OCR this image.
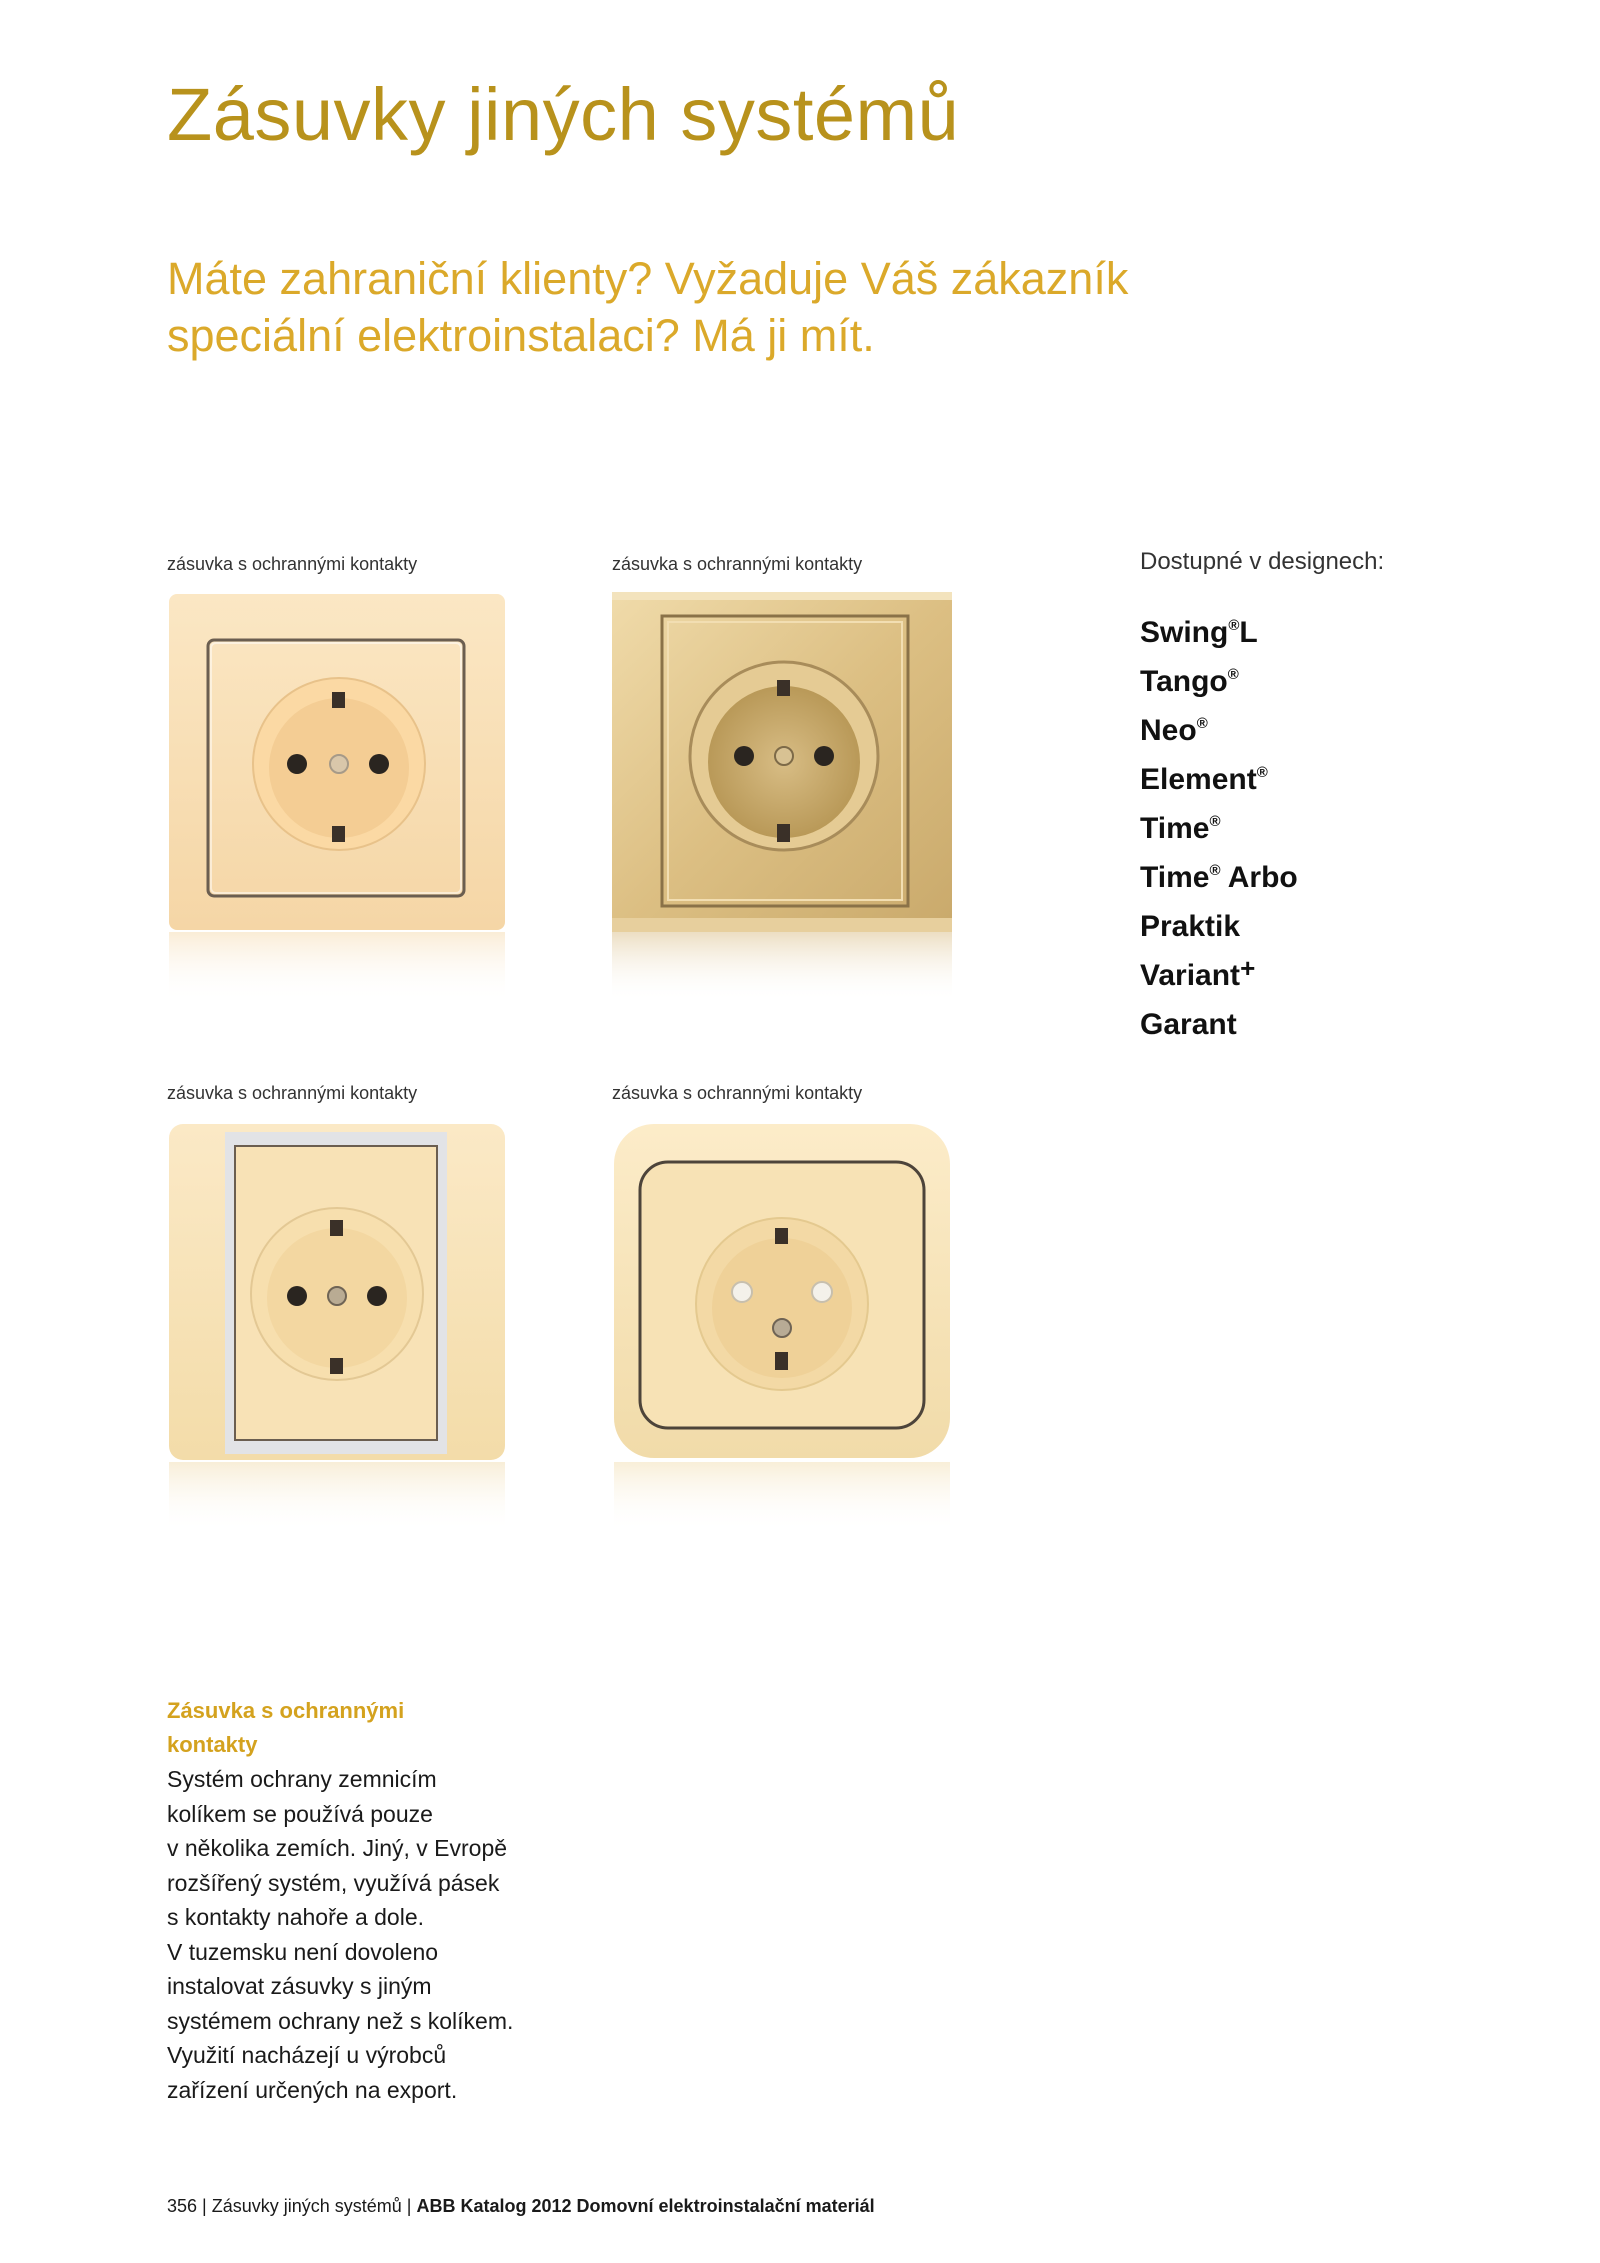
Zásuvky jiných systémů
Máte zahraniční klienty? Vyžaduje Váš zákazník
speciální elektroinstalaci? Má ji mít.
zásuvka s ochrannými kontakty	zásuvka s ochrannými kontakty
zásuvka s ochrannými kontakty	zásuvka s ochrannými kontakty
Dostupné v designech:
Swing®L
Tango®
Neo®
Element®
Time®
Time® Arbo
Praktik
Variant+
Garant
Zásuvka s ochrannými
kontakty
Systém ochrany zemnicím
kolíkem se používá pouze
v několika zemích. Jiný, v Evropě
rozšířený systém, využívá pásek
s kontakty nahoře a dole.
V tuzemsku není dovoleno
instalovat zásuvky s jiným
systémem ochrany než s kolíkem.
Využití nacházejí u výrobců
zařízení určených na export.
356 | Zásuvky jiných systémů | ABB Katalog 2012 Domovní elektroinstalační materiál
